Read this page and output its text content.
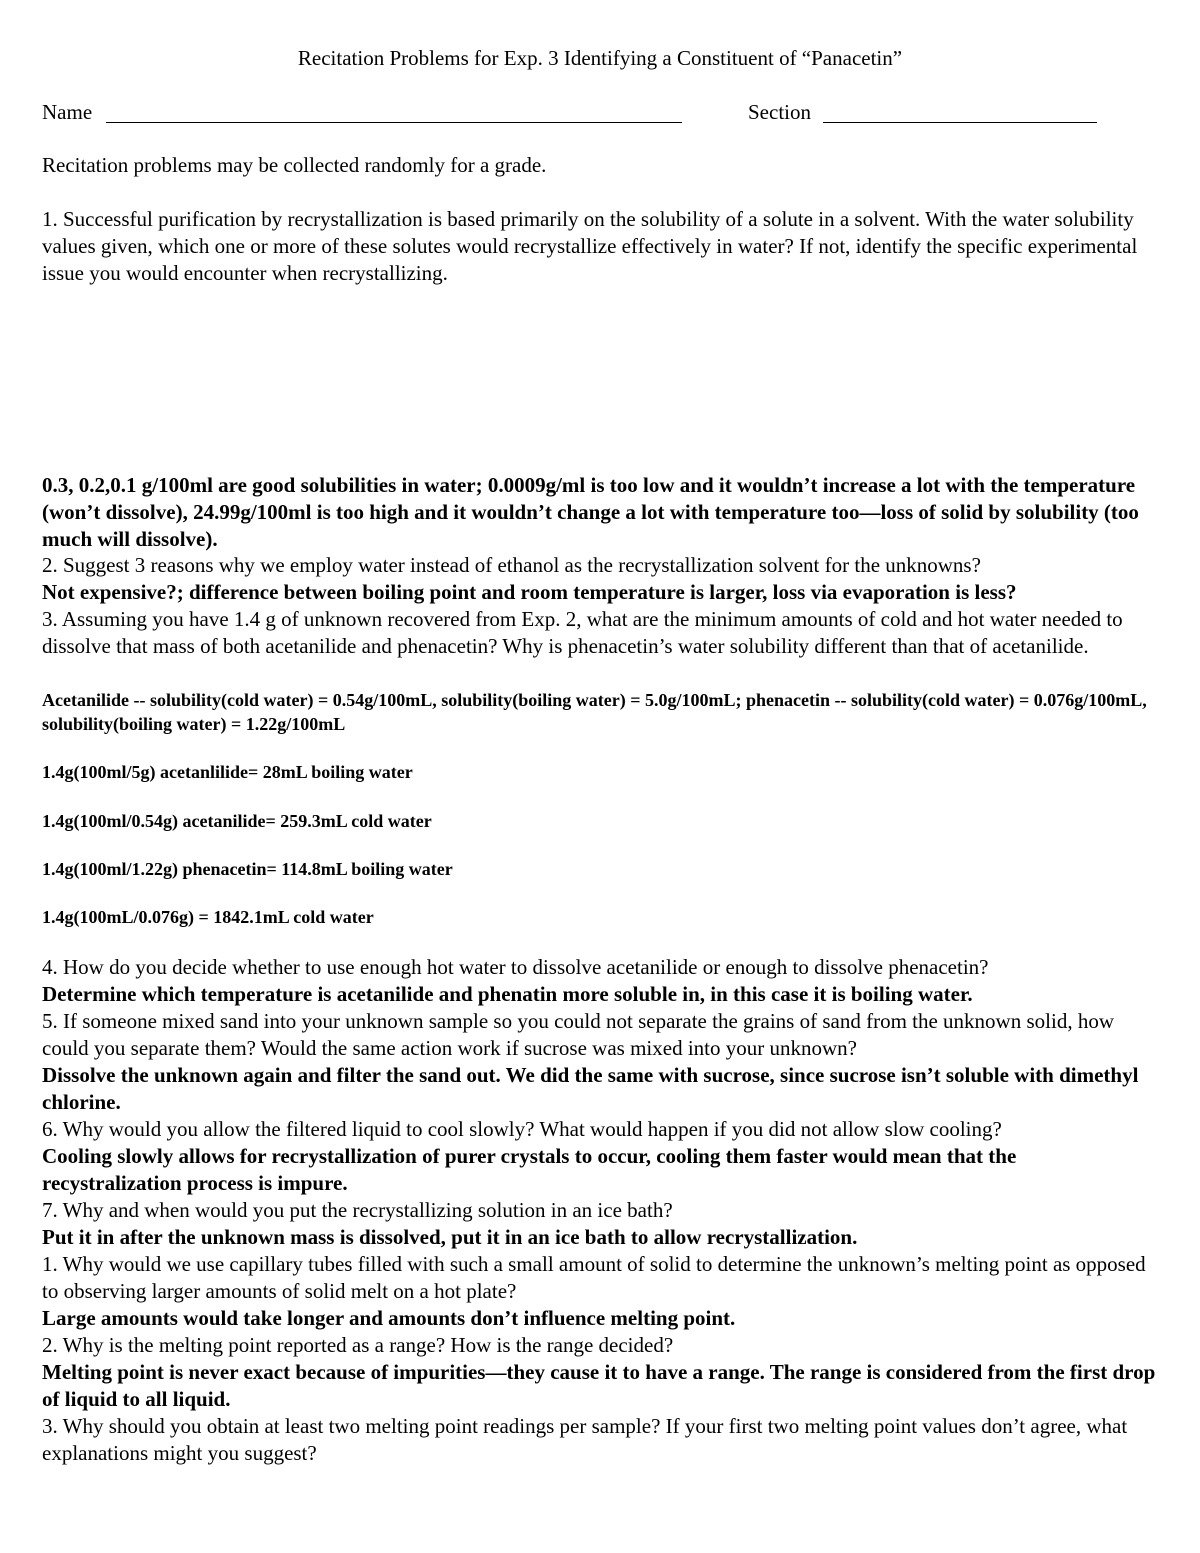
Recitation Problems for Exp. 3 Identifying a Constituent of “Panacetin”
Name	Section
Recitation problems may be collected randomly for a grade.
1. Successful purification by recrystallization is based primarily on the solubility of a solute in a solvent. With the water solubility values given, which one or more of these solutes would recrystallize effectively in water? If not, identify the specific experimental issue you would encounter when recrystallizing.
0.3, 0.2,0.1 g/100ml are good solubilities in water; 0.0009g/ml is too low and it wouldn’t increase a lot with the temperature (won’t dissolve), 24.99g/100ml is too high and it wouldn’t change a lot with temperature too—loss of solid by solubility (too much will dissolve).
2. Suggest 3 reasons why we employ water instead of ethanol as the recrystallization solvent for the unknowns?
Not expensive?; difference between boiling point and room temperature is larger, loss via evaporation is less?
3. Assuming you have 1.4 g of unknown recovered from Exp. 2, what are the minimum amounts of cold and hot water needed to dissolve that mass of both acetanilide and phenacetin? Why is phenacetin’s water solubility different than that of acetanilide.
Acetanilide -- solubility(cold water) = 0.54g/100mL, solubility(boiling water) = 5.0g/100mL; phenacetin -- solubility(cold water) = 0.076g/100mL, solubility(boiling water) = 1.22g/100mL
1.4g(100ml/5g) acetanlilide= 28mL boiling water
1.4g(100ml/0.54g) acetanilide= 259.3mL cold water
1.4g(100ml/1.22g) phenacetin= 114.8mL boiling water
1.4g(100mL/0.076g) = 1842.1mL cold water
4. How do you decide whether to use enough hot water to dissolve acetanilide or enough to dissolve phenacetin?
Determine which temperature is acetanilide and phenatin more soluble in, in this case it is boiling water.
5. If someone mixed sand into your unknown sample so you could not separate the grains of sand from the unknown solid, how could you separate them? Would the same action work if sucrose was mixed into your unknown?
Dissolve the unknown again and filter the sand out. We did the same with sucrose, since sucrose isn’t soluble with dimethyl chlorine.
6. Why would you allow the filtered liquid to cool slowly? What would happen if you did not allow slow cooling?
Cooling slowly allows for recrystallization of purer crystals to occur, cooling them faster would mean that the recystralization process is impure.
7. Why and when would you put the recrystallizing solution in an ice bath?
Put it in after the unknown mass is dissolved, put it in an ice bath to allow recrystallization.
1. Why would we use capillary tubes filled with such a small amount of solid to determine the unknown’s melting point as opposed to observing larger amounts of solid melt on a hot plate?
Large amounts would take longer and amounts don’t influence melting point.
2. Why is the melting point reported as a range? How is the range decided?
Melting point is never exact because of impurities—they cause it to have a range. The range is considered from the first drop of liquid to all liquid.
3. Why should you obtain at least two melting point readings per sample? If your first two melting point values don’t agree, what explanations might you suggest?
